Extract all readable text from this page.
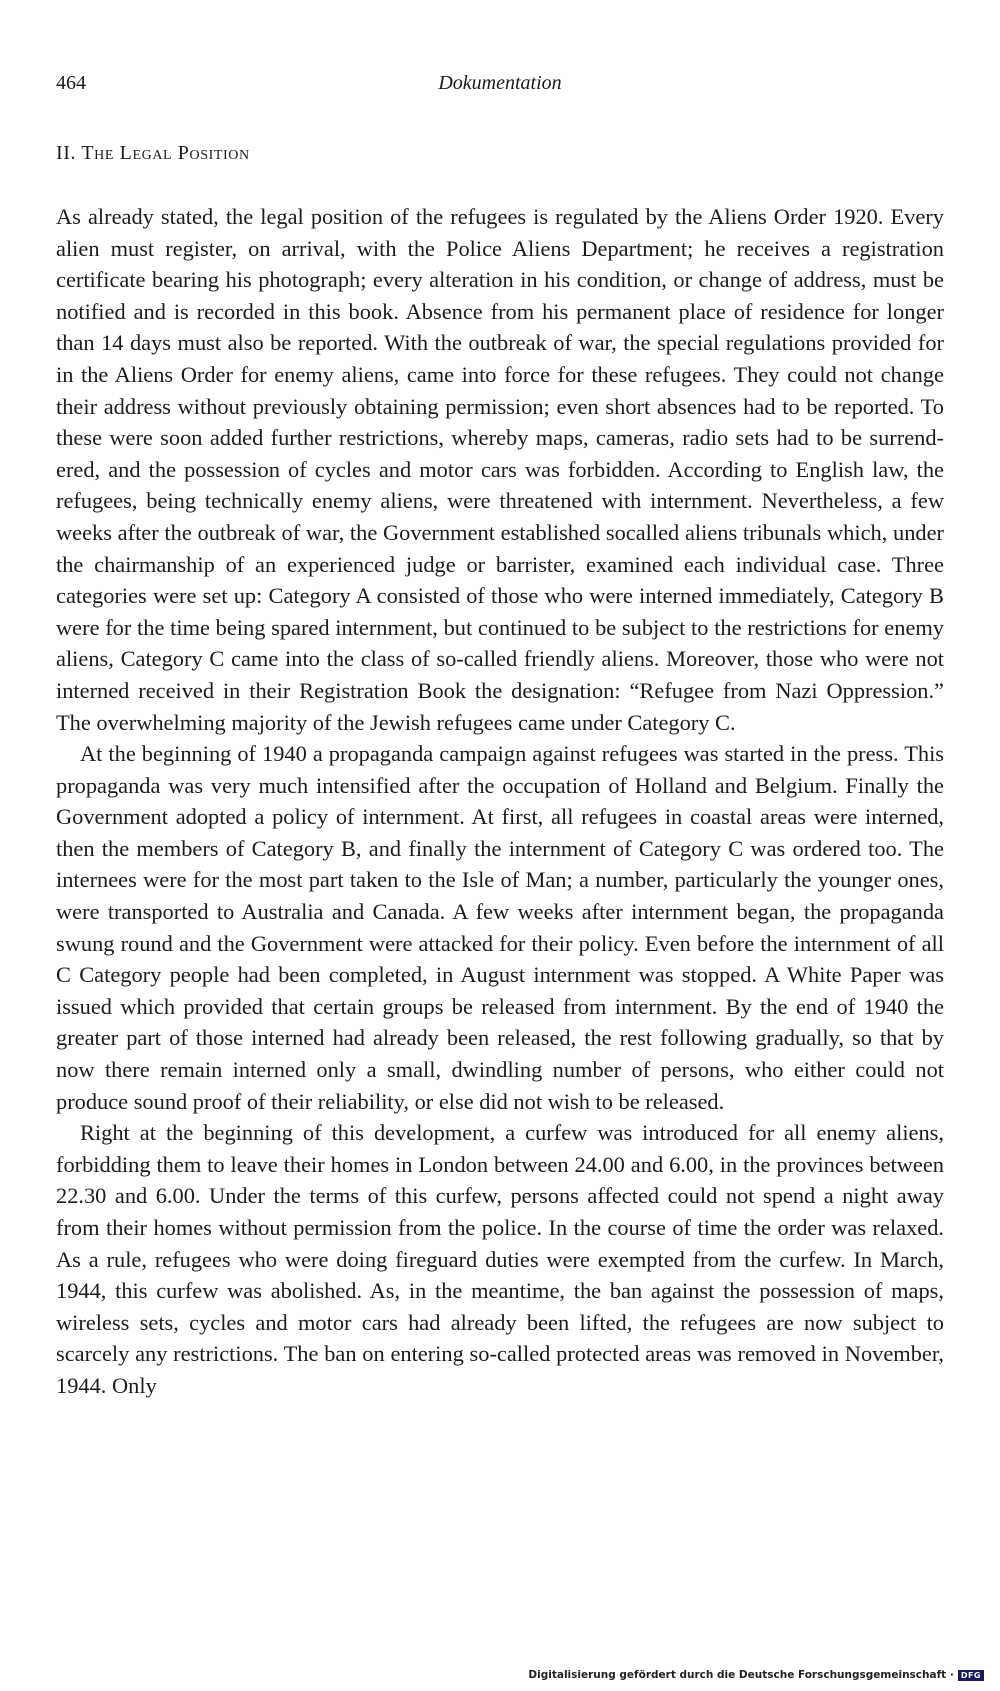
464	Dokumentation
II. The Legal Position

As already stated, the legal position of the refugees is regulated by the Aliens Order 1920. Every alien must register, on arrival, with the Police Aliens Department; he receives a registration certificate bearing his photograph; every alteration in his condition, or change of address, must be notified and is recorded in this book. Absence from his permanent place of residence for longer than 14 days must also be reported. With the outbreak of war, the special regulations provided for in the Aliens Order for enemy aliens, came into force for these refugees. They could not change their address without previously obtaining permission; even short absences had to be reported. To these were soon added further restrictions, whereby maps, cameras, radio sets had to be surrendered, and the possession of cycles and motor cars was forbidden. According to English law, the refugees, being technically enemy aliens, were threatened with internment. Nevertheless, a few weeks after the outbreak of war, the Government established socalled aliens tribunals which, under the chairmanship of an experienced judge or barrister, examined each individual case. Three categories were set up: Category A consisted of those who were interned immediately, Category B were for the time being spared internment, but continued to be subject to the restrictions for enemy aliens, Category C came into the class of so-called friendly aliens. Moreover, those who were not interned received in their Registration Book the designation: “Refugee from Nazi Oppression.” The overwhelming majority of the Jewish refugees came under Category C.

At the beginning of 1940 a propaganda campaign against refugees was started in the press. This propaganda was very much intensified after the occupation of Holland and Belgium. Finally the Government adopted a policy of internment. At first, all refugees in coastal areas were interned, then the members of Category B, and finally the internment of Category C was ordered too. The internees were for the most part taken to the Isle of Man; a number, particularly the younger ones, were transported to Australia and Canada. A few weeks after internment began, the propaganda swung round and the Government were attacked for their policy. Even before the internment of all C Category people had been completed, in August internment was stopped. A White Paper was issued which provided that certain groups be released from internment. By the end of 1940 the greater part of those interned had already been released, the rest following gradually, so that by now there remain interned only a small, dwindling number of persons, who either could not produce sound proof of their reliability, or else did not wish to be released.

Right at the beginning of this development, a curfew was introduced for all enemy aliens, forbidding them to leave their homes in London between 24.00 and 6.00, in the provinces between 22.30 and 6.00. Under the terms of this curfew, persons affected could not spend a night away from their homes without permission from the police. In the course of time the order was relaxed. As a rule, refugees who were doing fireguard duties were exempted from the curfew. In March, 1944, this curfew was abolished. As, in the meantime, the ban against the possession of maps, wireless sets, cycles and motor cars had already been lifted, the refugees are now subject to scarcely any restrictions. The ban on entering so-called protected areas was removed in November, 1944. Only

Digitalisierung gefördert durch die Deutsche Forschungsgemeinschaft · DFG
